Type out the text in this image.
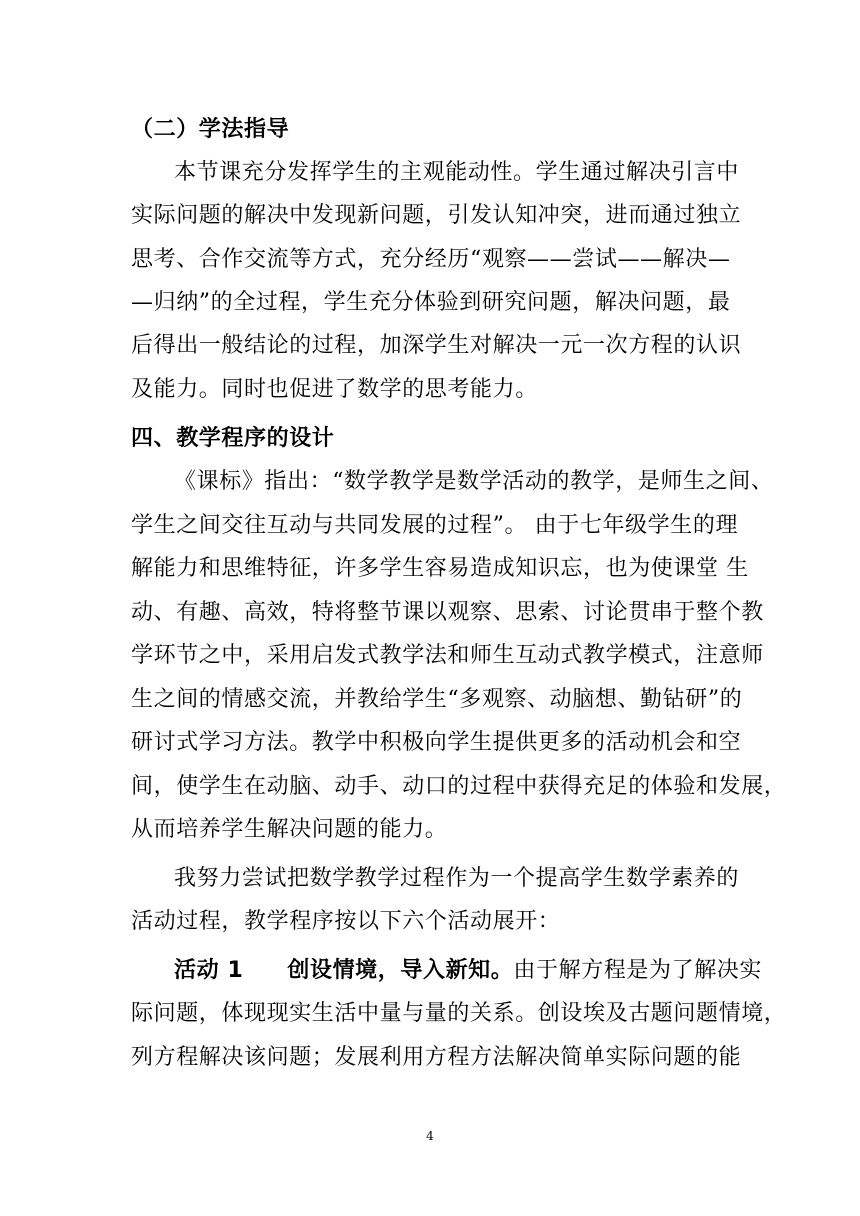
（二）学法指导
本节课充分发挥学生的主观能动性。学生通过解决引言中
实际问题的解决中发现新问题，引发认知冲突，进而通过独立
思考、合作交流等方式，充分经历“观察——尝试——解决—
—归纳”的全过程，学生充分体验到研究问题，解决问题，最
后得出一般结论的过程，加深学生对解决一元一次方程的认识
及能力。同时也促进了数学的思考能力。
四、教学程序的设计
《课标》指出：“数学教学是数学活动的教学，是师生之间、
学生之间交往互动与共同发展的过程”。 由于七年级学生的理
解能力和思维特征，许多学生容易造成知识忘，也为使课堂 生
动、有趣、高效，特将整节课以观察、思索、讨论贯串于整个教
学环节之中，采用启发式教学法和师生互动式教学模式，注意师
生之间的情感交流，并教给学生“多观察、动脑想、勤钻研”的
研讨式学习方法。教学中积极向学生提供更多的活动机会和空
间，使学生在动脑、动手、动口的过程中获得充足的体验和发展，
从而培养学生解决问题的能力。
我努力尝试把数学教学过程作为一个提高学生数学素养的
活动过程，教学程序按以下六个活动展开：
活动 1 创设情境，导入新知。由于解方程是为了解决实
际问题，体现现实生活中量与量的关系。创设埃及古题问题情境，
列方程解决该问题；发展利用方程方法解决简单实际问题的能
4
